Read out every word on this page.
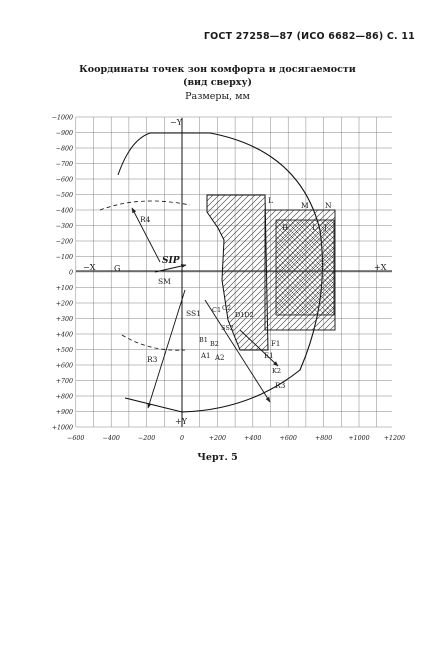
ГОСТ 27258—87 (ИСО 6682—86) С. 11
Координаты точек зон комфорта и досягаемости
(вид сверху)
Размеры, мм
−1000
−900
−800
−700
−600
−500
−400
−300
−200
−100
0
+100
+200
+300
+400
+500
+600
+700
+800
+900
+1000
−600	−400	−200	0	+200	+400	+600	+800	+1000 +1200
−X	+X
−Y
+Y
G
L
M N
H	I J
R4
R3
R3
SIP
SM
SS1
SS2
C1 C2
D1D2
B1 B2
A1 A2
F1
E1
K2
Черт. 5
